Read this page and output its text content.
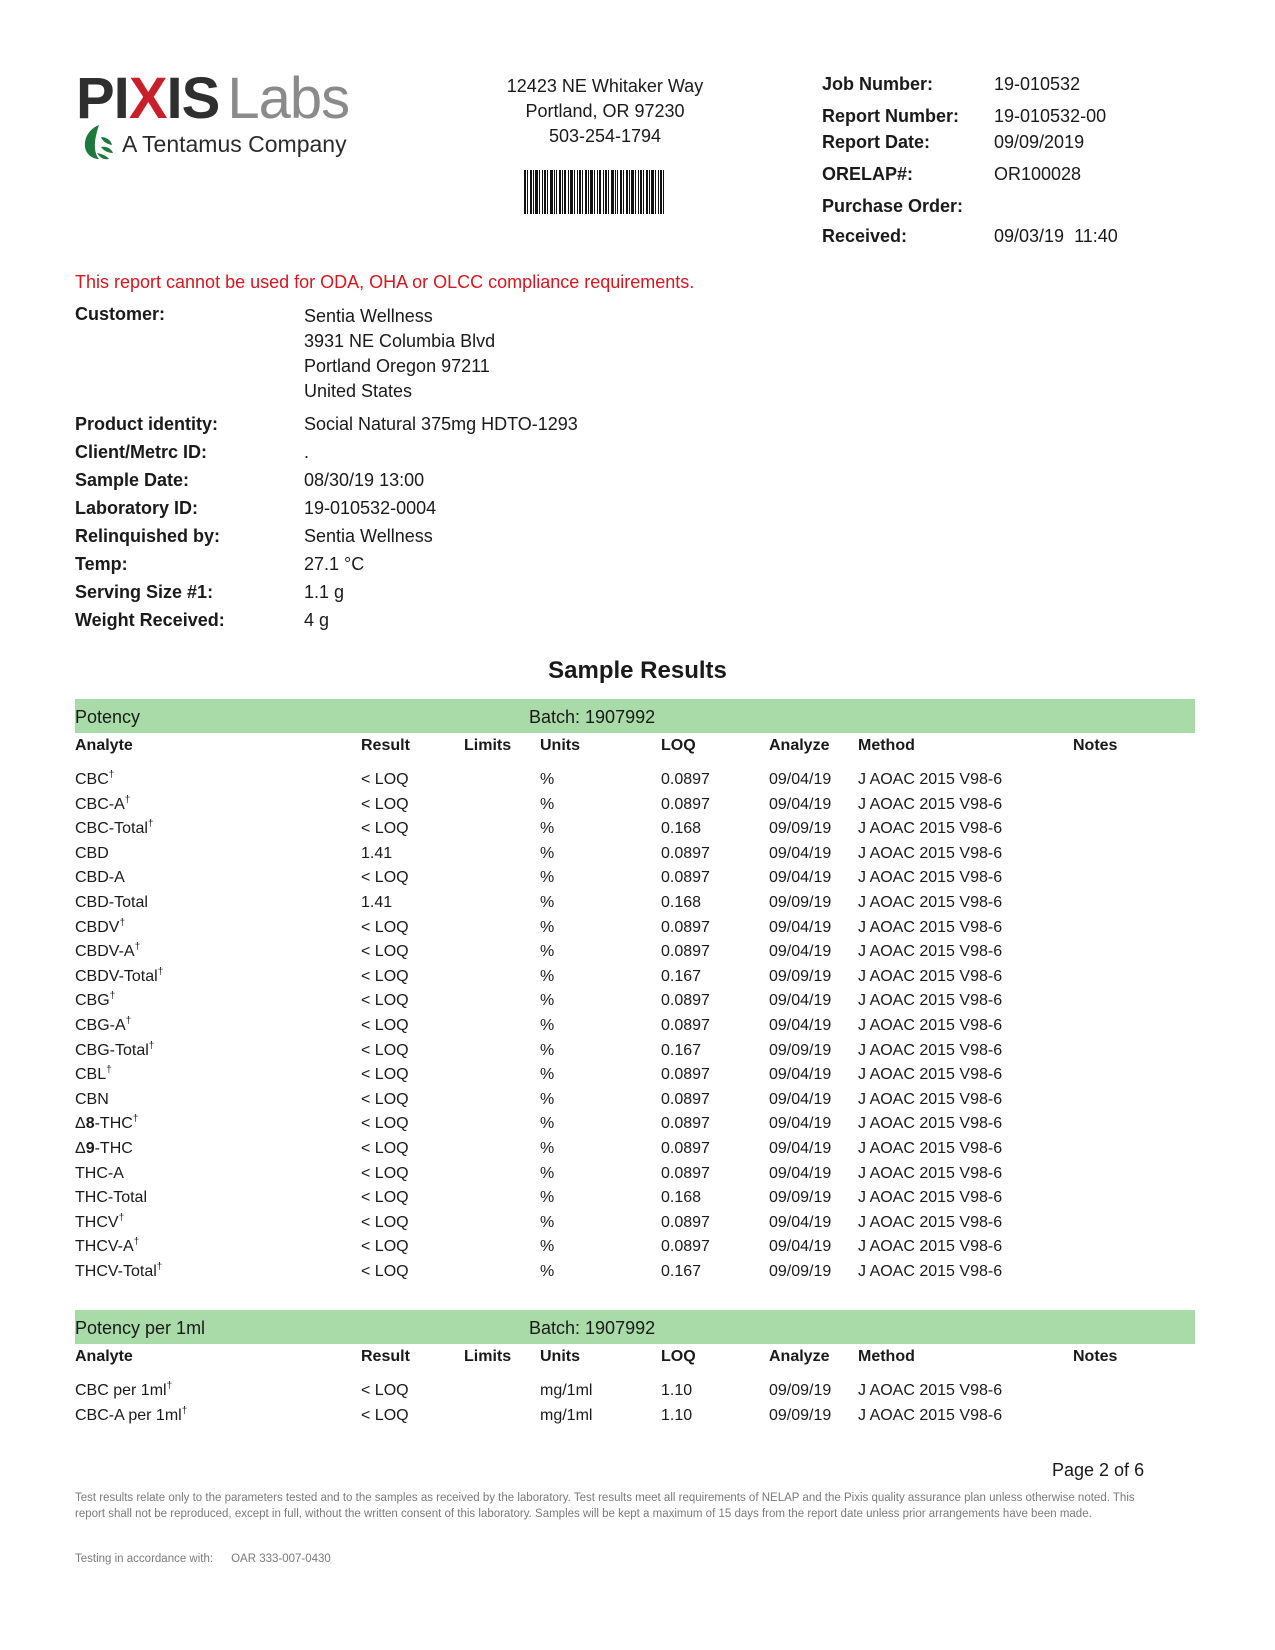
PIXIS Labs
A Tentamus Company
12423 NE Whitaker Way
Portland, OR 97230
503-254-1794
Job Number:	19-010532
Report Number: 19-010532-00
Report Date:	09/09/2019
ORELAP#:	OR100028
Purchase Order:
Received:	09/03/19  11:40
This report cannot be used for ODA, OHA or OLCC compliance requirements.
Customer:	Sentia Wellness
3931 NE Columbia Blvd
Portland Oregon 97211
United States
Product identity:	Social Natural 375mg HDTO-1293
Client/Metrc ID:	.
Sample Date:	08/30/19 13:00
Laboratory ID:	19-010532-0004
Relinquished by:	Sentia Wellness
Temp:	27.1 °C
Serving Size #1:	1.1 g
Weight Received:	4 g
Sample Results
Potency	Batch: 1907992
Analyte	Result	Limits Units	LOQ	Analyze Method	Notes
CBC†	< LOQ	%	0.0897	09/04/19 J AOAC 2015 V98-6
CBC-A†	< LOQ	%	0.0897	09/04/19 J AOAC 2015 V98-6
CBC-Total†	< LOQ	%	0.168	09/09/19 J AOAC 2015 V98-6
CBD	1.41	%	0.0897	09/04/19 J AOAC 2015 V98-6
CBD-A	< LOQ	%	0.0897	09/04/19 J AOAC 2015 V98-6
CBD-Total	1.41	%	0.168	09/09/19 J AOAC 2015 V98-6
CBDV†	< LOQ	%	0.0897	09/04/19 J AOAC 2015 V98-6
CBDV-A†	< LOQ	%	0.0897	09/04/19 J AOAC 2015 V98-6
CBDV-Total†	< LOQ	%	0.167	09/09/19 J AOAC 2015 V98-6
CBG†	< LOQ	%	0.0897	09/04/19 J AOAC 2015 V98-6
CBG-A†	< LOQ	%	0.0897	09/04/19 J AOAC 2015 V98-6
CBG-Total†	< LOQ	%	0.167	09/09/19 J AOAC 2015 V98-6
CBL†	< LOQ	%	0.0897	09/04/19 J AOAC 2015 V98-6
CBN	< LOQ	%	0.0897	09/04/19 J AOAC 2015 V98-6
Δ8-THC†	< LOQ	%	0.0897	09/04/19 J AOAC 2015 V98-6
Δ9-THC	< LOQ	%	0.0897	09/04/19 J AOAC 2015 V98-6
THC-A	< LOQ	%	0.0897	09/04/19 J AOAC 2015 V98-6
THC-Total	< LOQ	%	0.168	09/09/19 J AOAC 2015 V98-6
THCV†	< LOQ	%	0.0897	09/04/19 J AOAC 2015 V98-6
THCV-A†	< LOQ	%	0.0897	09/04/19 J AOAC 2015 V98-6
THCV-Total†	< LOQ	%	0.167	09/09/19 J AOAC 2015 V98-6
Potency per 1ml	Batch: 1907992
Analyte	Result	Limits Units	LOQ	Analyze Method	Notes
CBC per 1ml†	< LOQ	mg/1ml	1.10	09/09/19 J AOAC 2015 V98-6
CBC-A per 1ml†	< LOQ	mg/1ml	1.10	09/09/19 J AOAC 2015 V98-6
Page 2 of 6
Test results relate only to the parameters tested and to the samples as received by the laboratory. Test results meet all requirements of NELAP and the Pixis quality assurance plan unless otherwise noted. This report shall not be reproduced, except in full, without the written consent of this laboratory. Samples will be kept a maximum of 15 days from the report date unless prior arrangements have been made.
Testing in accordance with: OAR 333-007-0430
